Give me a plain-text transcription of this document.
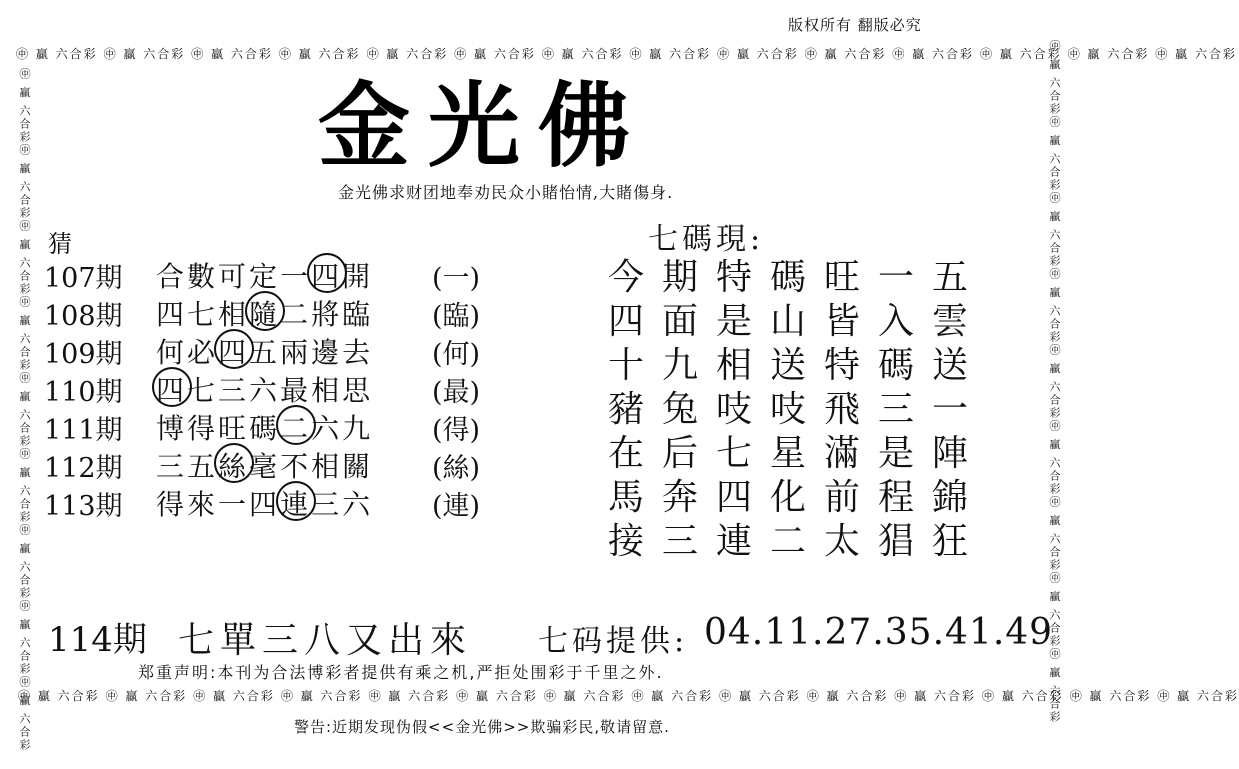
版权所有 翻版必究
㊥ 贏 六合彩 ㊥ 贏 六合彩 ㊥ 贏 六合彩 ㊥ 贏 六合彩 ㊥ 贏 六合彩 ㊥ 贏 六合彩 ㊥ 贏 六合彩 ㊥ 贏 六合彩 ㊥ 贏 六合彩 ㊥ 贏 六合彩 ㊥ 贏 六合彩 ㊥ 贏 六合彩 ㊥ 贏 六合彩 ㊥ 贏 六合彩
㊥ 贏 六合彩 ㊥ 贏 六合彩 ㊥ 贏 六合彩 ㊥ 贏 六合彩 ㊥ 贏 六合彩 ㊥ 贏 六合彩 ㊥ 贏 六合彩 ㊥ 贏 六合彩 ㊥ 贏 六合彩 ㊥ 贏 六合彩 ㊥ 贏 六合彩 ㊥ 贏 六合彩 ㊥ 贏 六合彩 ㊥ 贏 六合彩
㊥ 贏 六合彩㊥ 贏 六合彩㊥ 贏 六合彩㊥ 贏 六合彩㊥ 贏 六合彩㊥ 贏 六合彩㊥ 贏 六合彩㊥ 贏 六合彩㊥ 贏 六合彩
㊥ 贏 六合彩㊥ 贏 六合彩㊥ 贏 六合彩㊥ 贏 六合彩㊥ 贏 六合彩㊥ 贏 六合彩㊥ 贏 六合彩㊥ 贏 六合彩㊥ 贏 六合彩
金光佛
金光佛求财团地奉劝民众小賭怡情,大賭傷身.
猜
107期	合數可定一四開	(一)
108期	四七相隨二將臨	(臨)
109期	何必四五兩邊去	(何)
110期	四七三六最相思	(最)
111期	博得旺碼二六九	(得)
112期	三五絲毫不相關	(絲)
113期	得來一四連三六	(連)
七碼現:
今期特碼旺一五
四面是山皆入雲
十九相送特碼送
豬兔吱吱飛三一
在后七星滿是陣
馬奔四化前程錦
接三連二太猖狂
114期 七單三八又出來 七码提供: 04.11.27.35.41.49
郑重声明:本刊为合法博彩者提供有乘之机,严拒处围彩于千里之外.
警告:近期发现伪假<<金光佛>>欺骗彩民,敬请留意.
